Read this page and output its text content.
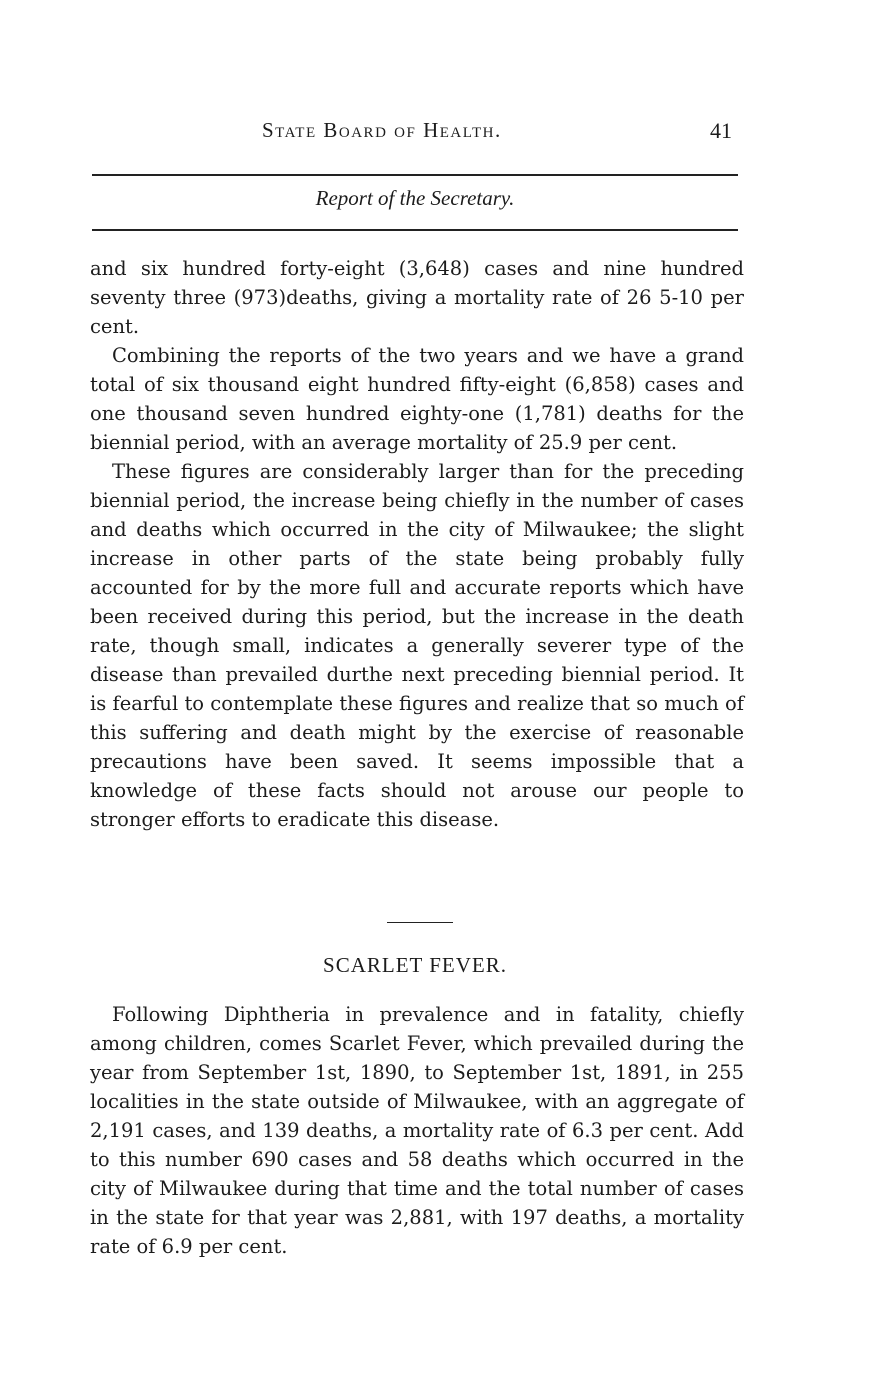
State Board of Health.	41
Report of the Secretary.

and six hundred forty-eight (3,648) cases and nine hundred seventy three (973)deaths, giving a mortality rate of 26 5-10 per cent.

Combining the reports of the two years and we have a grand total of six thousand eight hundred fifty-eight (6,858) cases and one thousand seven hundred eighty-one (1,781) deaths for the biennial period, with an average mortality of 25.9 per cent.

These figures are considerably larger than for the preceding biennial period, the increase being chiefly in the number of cases and deaths which occurred in the city of Milwaukee; the slight increase in other parts of the state being probably fully accounted for by the more full and accurate reports which have been received during this period, but the increase in the death rate, though small, indicates a generally severer type of the disease than prevailed durthe next preceding biennial period. It is fearful to contemplate these figures and realize that so much of this suffering and death might by the exercise of reasonable precautions have been saved. It seems impossible that a knowledge of these facts should not arouse our people to stronger efforts to eradicate this disease.

SCARLET FEVER.

Following Diphtheria in prevalence and in fatality, chiefly among children, comes Scarlet Fever, which prevailed during the year from September 1st, 1890, to September 1st, 1891, in 255 localities in the state outside of Milwaukee, with an aggregate of 2,191 cases, and 139 deaths, a mortality rate of 6.3 per cent. Add to this number 690 cases and 58 deaths which occurred in the city of Milwaukee during that time and the total number of cases in the state for that year was 2,881, with 197 deaths, a mortality rate of 6.9 per cent.
